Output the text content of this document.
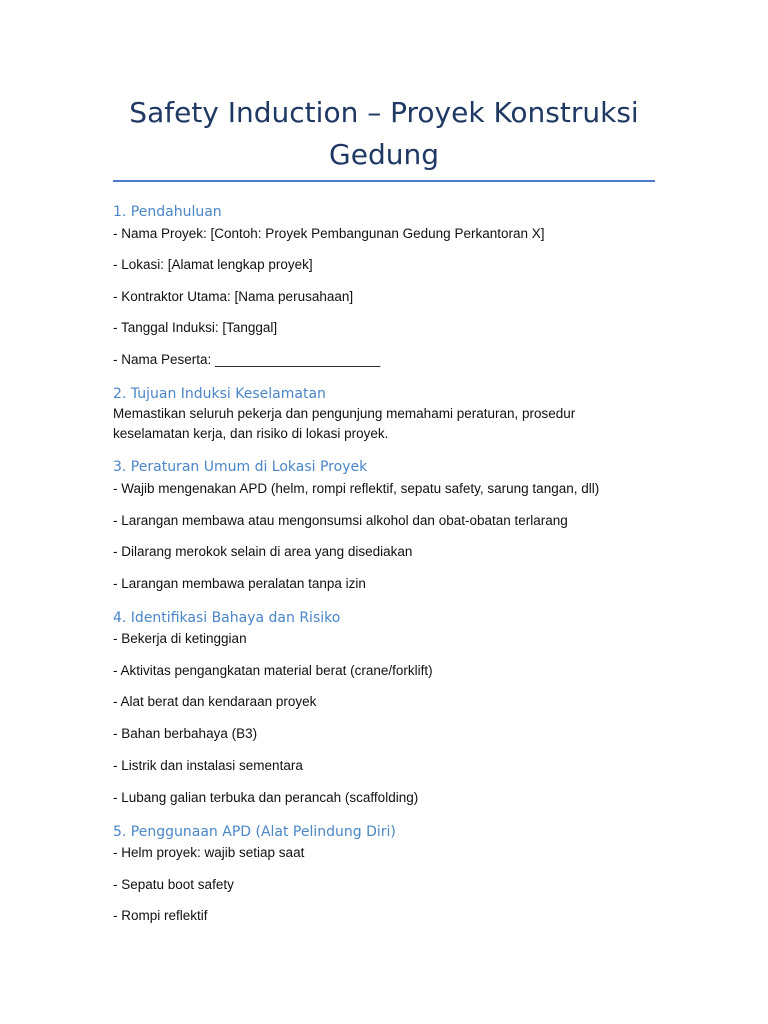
Safety Induction – Proyek Konstruksi Gedung
1. Pendahuluan

- Nama Proyek: [Contoh: Proyek Pembangunan Gedung Perkantoran X]

- Lokasi: [Alamat lengkap proyek]

- Kontraktor Utama: [Nama perusahaan]

- Tanggal Induksi: [Tanggal]

- Nama Peserta: ______________________

2. Tujuan Induksi Keselamatan

Memastikan seluruh pekerja dan pengunjung memahami peraturan, prosedur keselamatan kerja, dan risiko di lokasi proyek.

3. Peraturan Umum di Lokasi Proyek

- Wajib mengenakan APD (helm, rompi reflektif, sepatu safety, sarung tangan, dll)

- Larangan membawa atau mengonsumsi alkohol dan obat-obatan terlarang

- Dilarang merokok selain di area yang disediakan

- Larangan membawa peralatan tanpa izin

4. Identifikasi Bahaya dan Risiko

- Bekerja di ketinggian

- Aktivitas pengangkatan material berat (crane/forklift)

- Alat berat dan kendaraan proyek

- Bahan berbahaya (B3)

- Listrik dan instalasi sementara

- Lubang galian terbuka dan perancah (scaffolding)

5. Penggunaan APD (Alat Pelindung Diri)

- Helm proyek: wajib setiap saat

- Sepatu boot safety

- Rompi reflektif
